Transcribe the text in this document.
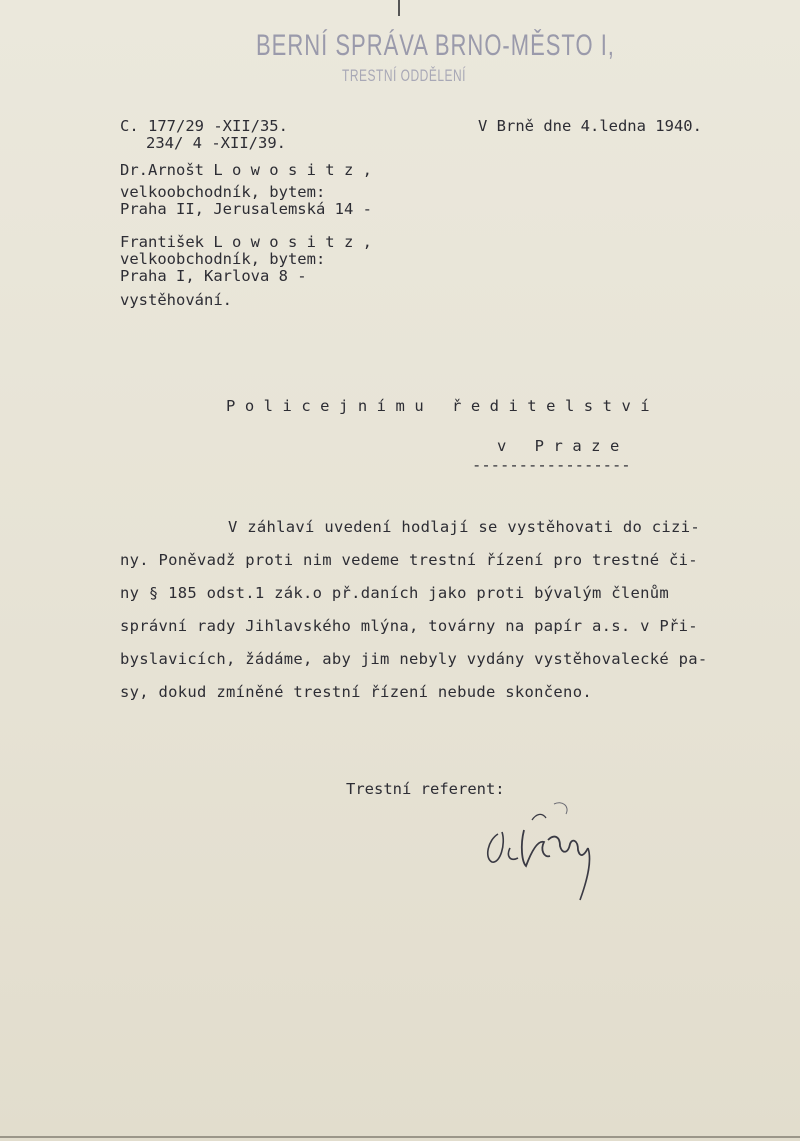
BERNÍ SPRÁVA BRNO-MĚSTO I,
TRESTNÍ ODDĚLENÍ
C. 177/29 -XII/35.
234/ 4 -XII/39.
V Brně dne 4.ledna 1940.
Dr.Arnošt L o w o s i t z ,
velkoobchodník, bytem:
Praha II, Jerusalemská 14 -
František L o w o s i t z ,
velkoobchodník, bytem:
Praha I, Karlova 8 -
vystěhování.
Policejnímu ředitelství
v Praze
-----------------
V záhlaví uvedení hodlají se vystěhovati do cizi-
ny. Poněvadž proti nim vedeme trestní řízení pro trestné či-
ny § 185 odst.1 zák.o př.daních jako proti bývalým členům
správní rady Jihlavského mlýna, továrny na papír a.s. v Při-
byslavicích, žádáme, aby jim nebyly vydány vystěhovalecké pa-
sy, dokud zmíněné trestní řízení nebude skončeno.
Trestní referent:
